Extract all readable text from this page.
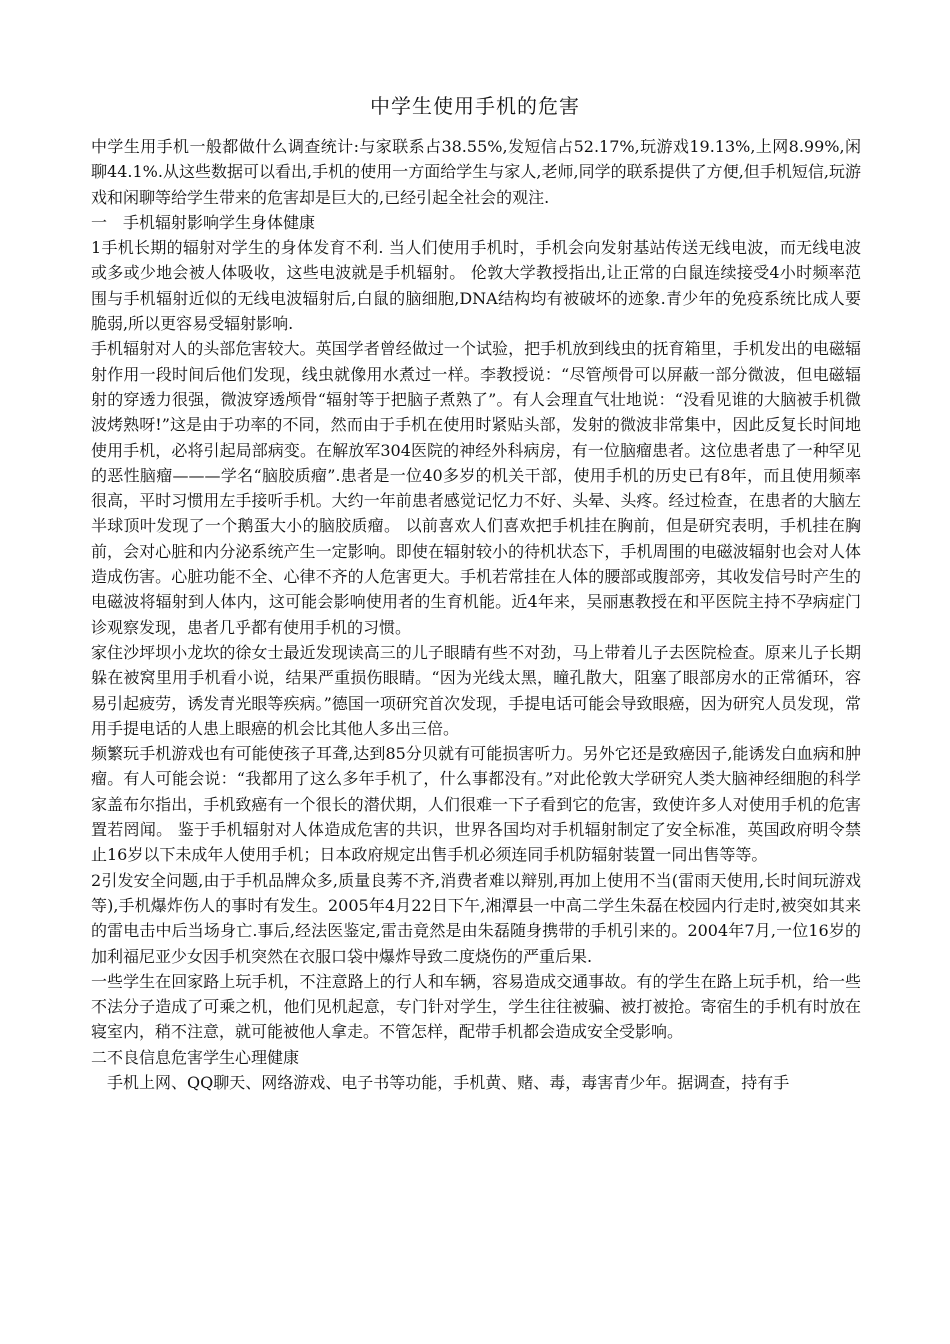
中学生使用手机的危害

中学生用手机一般都做什么调查统计:与家联系占38.55%,发短信占52.17%,玩游戏19.13%,上网8.99%,闲聊44.1%.从这些数据可以看出,手机的使用一方面给学生与家人,老师,同学的联系提供了方便,但手机短信,玩游戏和闲聊等给学生带来的危害却是巨大的,已经引起全社会的观注.

一　手机辐射影响学生身体健康

1手机长期的辐射对学生的身体发育不利. 当人们使用手机时，手机会向发射基站传送无线电波，而无线电波或多或少地会被人体吸收，这些电波就是手机辐射。 伦敦大学教授指出,让正常的白鼠连续接受4小时频率范围与手机辐射近似的无线电波辐射后,白鼠的脑细胞,DNA结构均有被破坏的迹象.青少年的免疫系统比成人要脆弱,所以更容易受辐射影响.

手机辐射对人的头部危害较大。英国学者曾经做过一个试验，把手机放到线虫的抚育箱里，手机发出的电磁辐射作用一段时间后他们发现，线虫就像用水煮过一样。李教授说：“尽管颅骨可以屏蔽一部分微波，但电磁辐射的穿透力很强，微波穿透颅骨“辐射等于把脑子煮熟了”。有人会理直气壮地说：“没看见谁的大脑被手机微波烤熟呀!”这是由于功率的不同，然而由于手机在使用时紧贴头部，发射的微波非常集中，因此反复长时间地使用手机，必将引起局部病变。在解放军304医院的神经外科病房，有一位脑瘤患者。这位患者患了一种罕见的恶性脑瘤———学名“脑胶质瘤”.患者是一位40多岁的机关干部，使用手机的历史已有8年，而且使用频率很高，平时习惯用左手接听手机。大约一年前患者感觉记忆力不好、头晕、头疼。经过检查，在患者的大脑左半球顶叶发现了一个鹅蛋大小的脑胶质瘤。 以前喜欢人们喜欢把手机挂在胸前，但是研究表明，手机挂在胸前，会对心脏和内分泌系统产生一定影响。即使在辐射较小的待机状态下，手机周围的电磁波辐射也会对人体造成伤害。心脏功能不全、心律不齐的人危害更大。手机若常挂在人体的腰部或腹部旁，其收发信号时产生的电磁波将辐射到人体内，这可能会影响使用者的生育机能。近4年来，吴丽惠教授在和平医院主持不孕病症门诊观察发现，患者几乎都有使用手机的习惯。

家住沙坪坝小龙坎的徐女士最近发现读高三的儿子眼睛有些不对劲，马上带着儿子去医院检查。原来儿子长期躲在被窝里用手机看小说，结果严重损伤眼睛。“因为光线太黑，瞳孔散大，阻塞了眼部房水的正常循环，容易引起疲劳，诱发青光眼等疾病。”德国一项研究首次发现，手提电话可能会导致眼癌，因为研究人员发现，常用手提电话的人患上眼癌的机会比其他人多出三倍。

频繁玩手机游戏也有可能使孩子耳聋,达到85分贝就有可能损害听力。另外它还是致癌因子,能诱发白血病和肿瘤。有人可能会说：“我都用了这么多年手机了，什么事都没有。”对此伦敦大学研究人类大脑神经细胞的科学家盖布尔指出，手机致癌有一个很长的潜伏期，人们很难一下子看到它的危害，致使许多人对使用手机的危害置若罔闻。 鉴于手机辐射对人体造成危害的共识，世界各国均对手机辐射制定了安全标准，英国政府明令禁止16岁以下未成年人使用手机；日本政府规定出售手机必须连同手机防辐射装置一同出售等等。

2引发安全问题,由于手机品牌众多,质量良莠不齐,消费者难以辩别,再加上使用不当(雷雨天使用,长时间玩游戏等),手机爆炸伤人的事时有发生。2005年4月22日下午,湘潭县一中高二学生朱磊在校园内行走时,被突如其来的雷电击中后当场身亡.事后,经法医鉴定,雷击竟然是由朱磊随身携带的手机引来的。2004年7月,一位16岁的加利福尼亚少女因手机突然在衣服口袋中爆炸导致二度烧伤的严重后果.

一些学生在回家路上玩手机，不注意路上的行人和车辆，容易造成交通事故。有的学生在路上玩手机，给一些不法分子造成了可乘之机，他们见机起意，专门针对学生，学生往往被骗、被打被抢。寄宿生的手机有时放在寝室内，稍不注意，就可能被他人拿走。不管怎样，配带手机都会造成安全受影响。

二不良信息危害学生心理健康

　手机上网、QQ聊天、网络游戏、电子书等功能，手机黄、赌、毒，毒害青少年。据调查，持有手
